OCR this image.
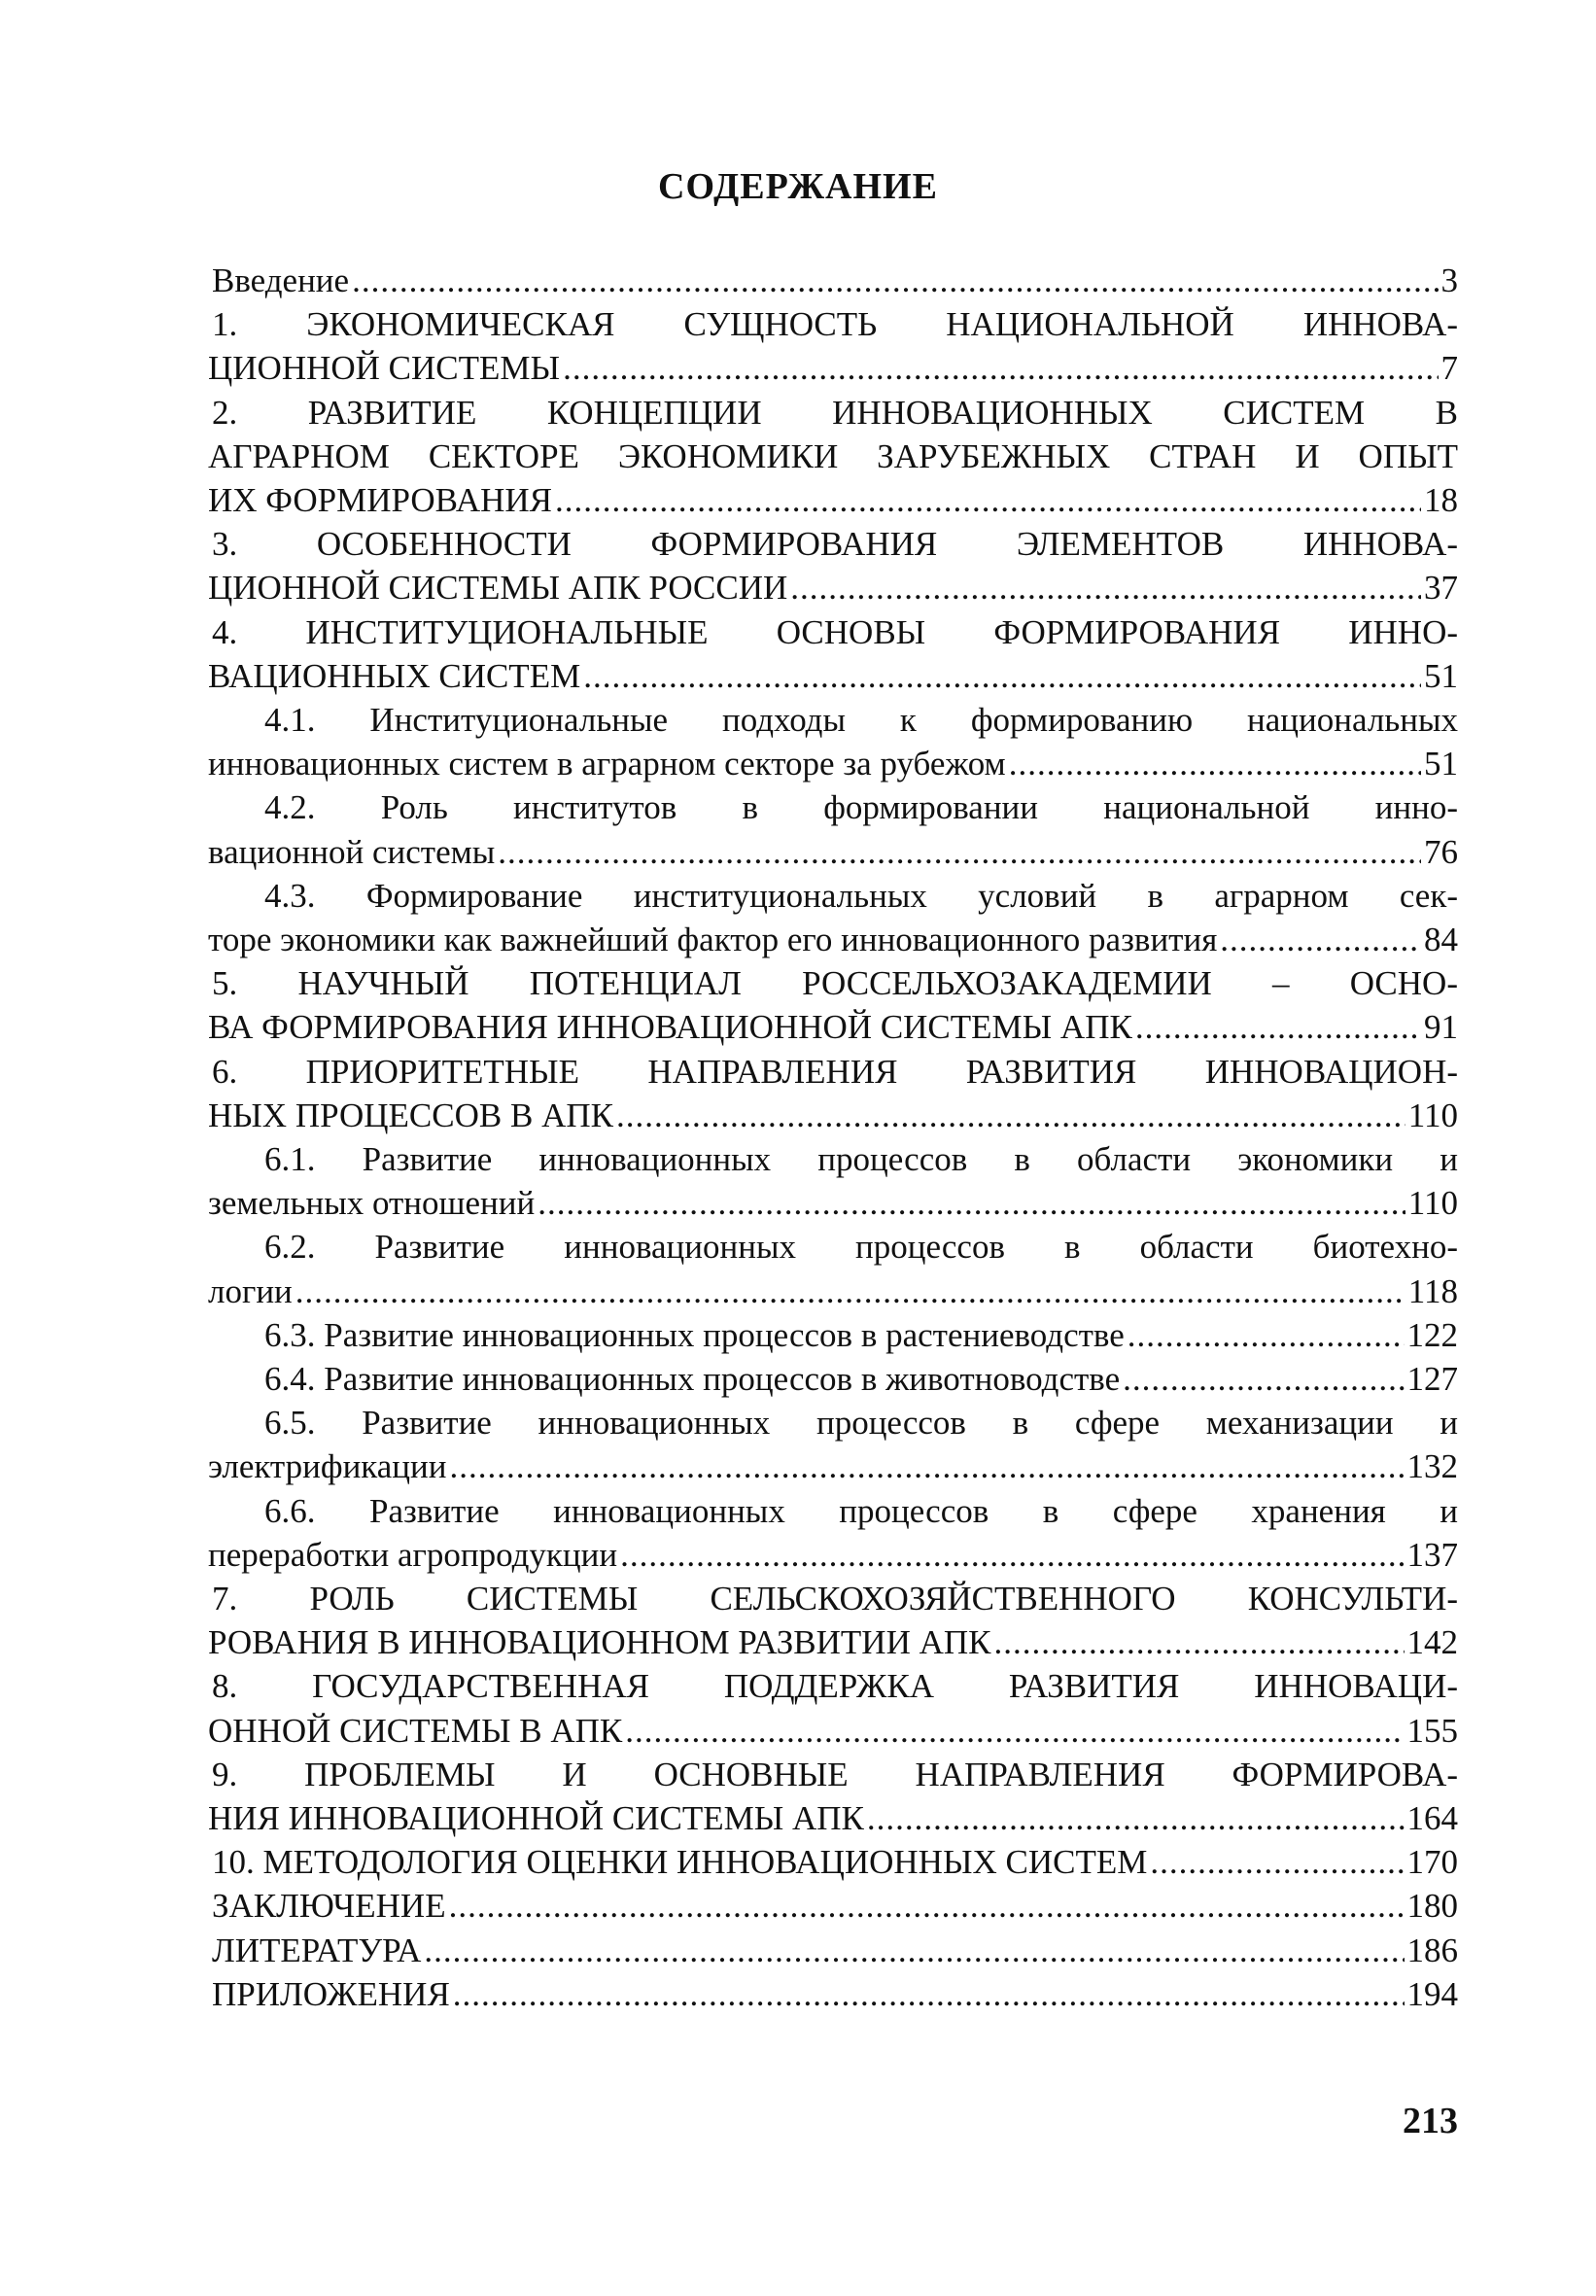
СОДЕРЖАНИЕ
Введение .....	3
1. ЭКОНОМИЧЕСКАЯ СУЩНОСТЬ НАЦИОНАЛЬНОЙ ИННОВА-
ЦИОННОЙ СИСТЕМЫ .....	7
2. РАЗВИТИЕ КОНЦЕПЦИИ ИННОВАЦИОННЫХ СИСТЕМ В
АГРАРНОМ СЕКТОРЕ ЭКОНОМИКИ ЗАРУБЕЖНЫХ СТРАН И ОПЫТ
ИХ ФОРМИРОВАНИЯ .....	18
3. ОСОБЕННОСТИ ФОРМИРОВАНИЯ ЭЛЕМЕНТОВ ИННОВА-
ЦИОННОЙ СИСТЕМЫ АПК РОССИИ .....	37
4. ИНСТИТУЦИОНАЛЬНЫЕ ОСНОВЫ ФОРМИРОВАНИЯ ИННО-
ВАЦИОННЫХ СИСТЕМ .....	51
4.1. Институциональные подходы к формированию национальных
инновационных систем в аграрном секторе за рубежом .....	51
4.2. Роль институтов в формировании национальной инно-
вационной системы .....	76
4.3. Формирование институциональных условий в аграрном сек-
торе экономики как важнейший фактор его инновационного развития .....	84
5. НАУЧНЫЙ ПОТЕНЦИАЛ РОССЕЛЬХОЗАКАДЕМИИ – ОСНО-
ВА ФОРМИРОВАНИЯ ИННОВАЦИОННОЙ СИСТЕМЫ АПК .....	91
6. ПРИОРИТЕТНЫЕ НАПРАВЛЕНИЯ РАЗВИТИЯ ИННОВАЦИОН-
НЫХ ПРОЦЕССОВ В АПК .....	110
6.1. Развитие инновационных процессов в области экономики и
земельных отношений .....	110
6.2. Развитие инновационных процессов в области биотехно-
логии .....	118
6.3. Развитие инновационных процессов в растениеводстве .....	122
6.4. Развитие инновационных процессов в животноводстве .....	127
6.5. Развитие инновационных процессов в сфере механизации и
электрификации .....	132
6.6. Развитие инновационных процессов в сфере хранения и
переработки агропродукции .....	137
7. РОЛЬ СИСТЕМЫ СЕЛЬСКОХОЗЯЙСТВЕННОГО КОНСУЛЬТИ-
РОВАНИЯ В ИННОВАЦИОННОМ РАЗВИТИИ АПК .....	142
8. ГОСУДАРСТВЕННАЯ ПОДДЕРЖКА РАЗВИТИЯ ИННОВАЦИ-
ОННОЙ СИСТЕМЫ В АПК .....	155
9. ПРОБЛЕМЫ И ОСНОВНЫЕ НАПРАВЛЕНИЯ ФОРМИРОВА-
НИЯ ИННОВАЦИОННОЙ СИСТЕМЫ АПК .....	164
10. МЕТОДОЛОГИЯ ОЦЕНКИ ИННОВАЦИОННЫХ СИСТЕМ .....	170
ЗАКЛЮЧЕНИЕ .....	180
ЛИТЕРАТУРА .....	186
ПРИЛОЖЕНИЯ .....	194
213
